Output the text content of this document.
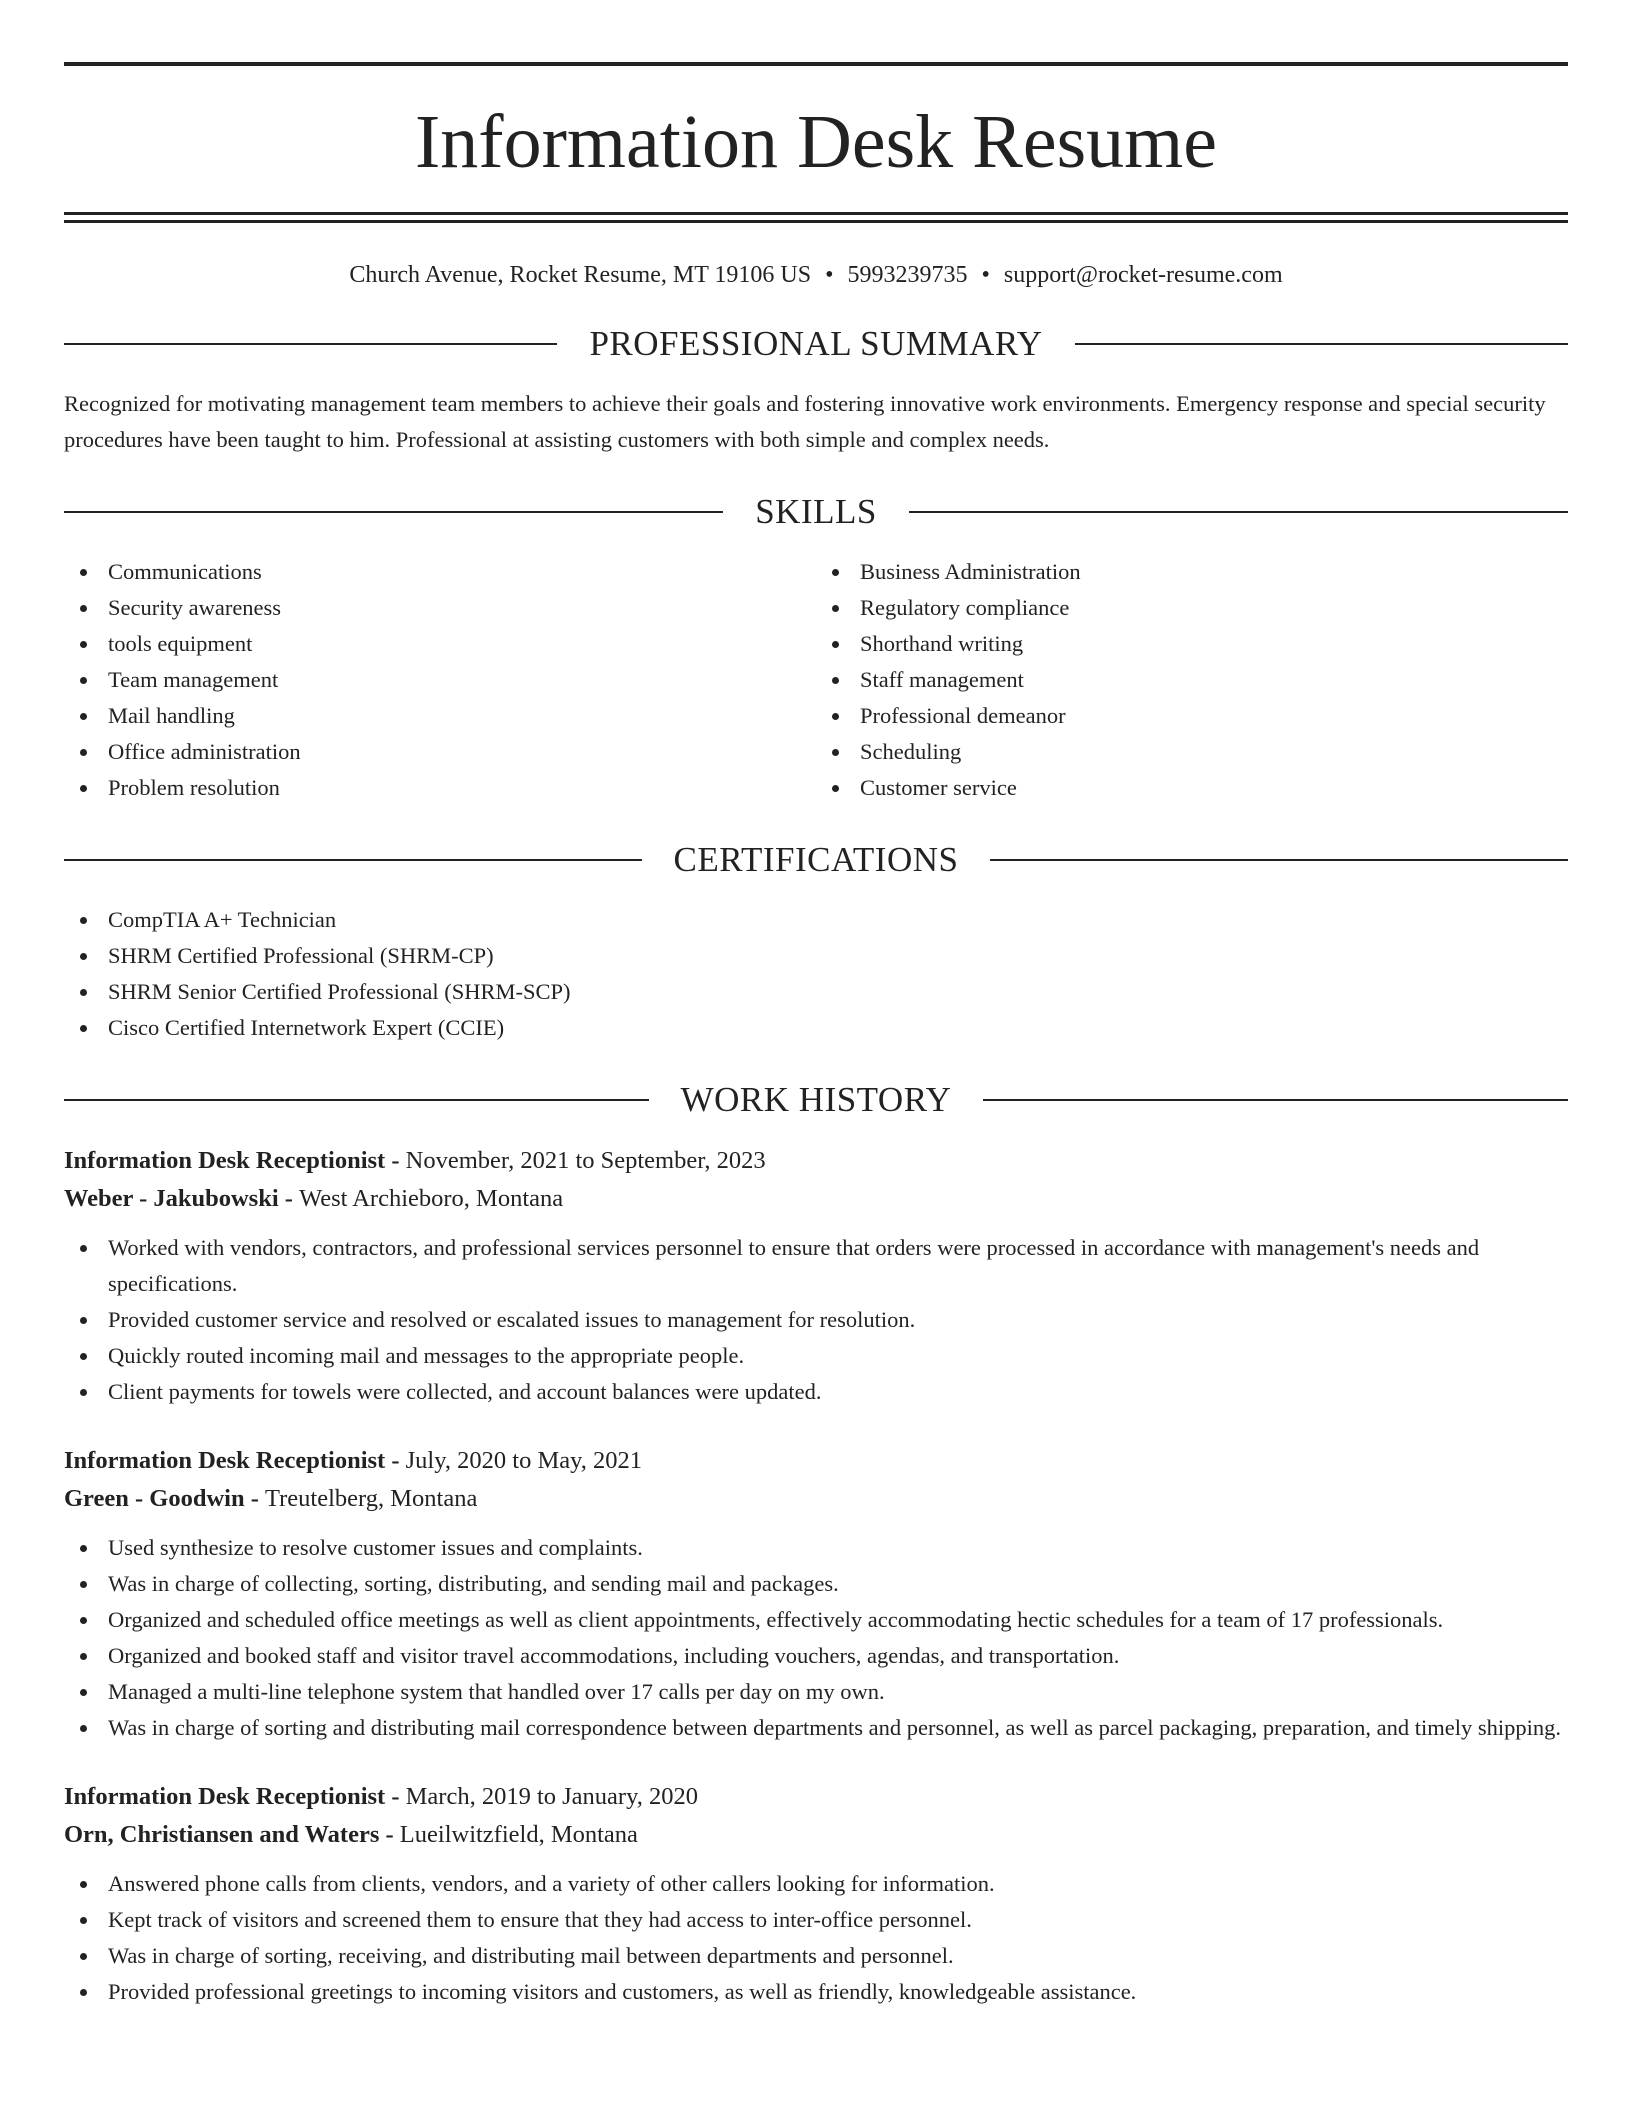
Information Desk Resume
Church Avenue, Rocket Resume, MT 19106 US • 5993239735 • support@rocket-resume.com
PROFESSIONAL SUMMARY

Recognized for motivating management team members to achieve their goals and fostering innovative work environments. Emergency response and special security procedures have been taught to him. Professional at assisting customers with both simple and complex needs.

SKILLS
Communications
Security awareness
tools equipment
Team management
Mail handling
Office administration
Problem resolution
Business Administration
Regulatory compliance
Shorthand writing
Staff management
Professional demeanor
Scheduling
Customer service
CERTIFICATIONS
CompTIA A+ Technician
SHRM Certified Professional (SHRM-CP)
SHRM Senior Certified Professional (SHRM-SCP)
Cisco Certified Internetwork Expert (CCIE)
WORK HISTORY
Information Desk Receptionist - November, 2021 to September, 2023
Weber - Jakubowski - West Archieboro, Montana
Worked with vendors, contractors, and professional services personnel to ensure that orders were processed in accordance with management's needs and specifications.
Provided customer service and resolved or escalated issues to management for resolution.
Quickly routed incoming mail and messages to the appropriate people.
Client payments for towels were collected, and account balances were updated.
Information Desk Receptionist - July, 2020 to May, 2021
Green - Goodwin - Treutelberg, Montana
Used synthesize to resolve customer issues and complaints.
Was in charge of collecting, sorting, distributing, and sending mail and packages.
Organized and scheduled office meetings as well as client appointments, effectively accommodating hectic schedules for a team of 17 professionals.
Organized and booked staff and visitor travel accommodations, including vouchers, agendas, and transportation.
Managed a multi-line telephone system that handled over 17 calls per day on my own.
Was in charge of sorting and distributing mail correspondence between departments and personnel, as well as parcel packaging, preparation, and timely shipping.
Information Desk Receptionist - March, 2019 to January, 2020
Orn, Christiansen and Waters - Lueilwitzfield, Montana
Answered phone calls from clients, vendors, and a variety of other callers looking for information.
Kept track of visitors and screened them to ensure that they had access to inter-office personnel.
Was in charge of sorting, receiving, and distributing mail between departments and personnel.
Provided professional greetings to incoming visitors and customers, as well as friendly, knowledgeable assistance.
